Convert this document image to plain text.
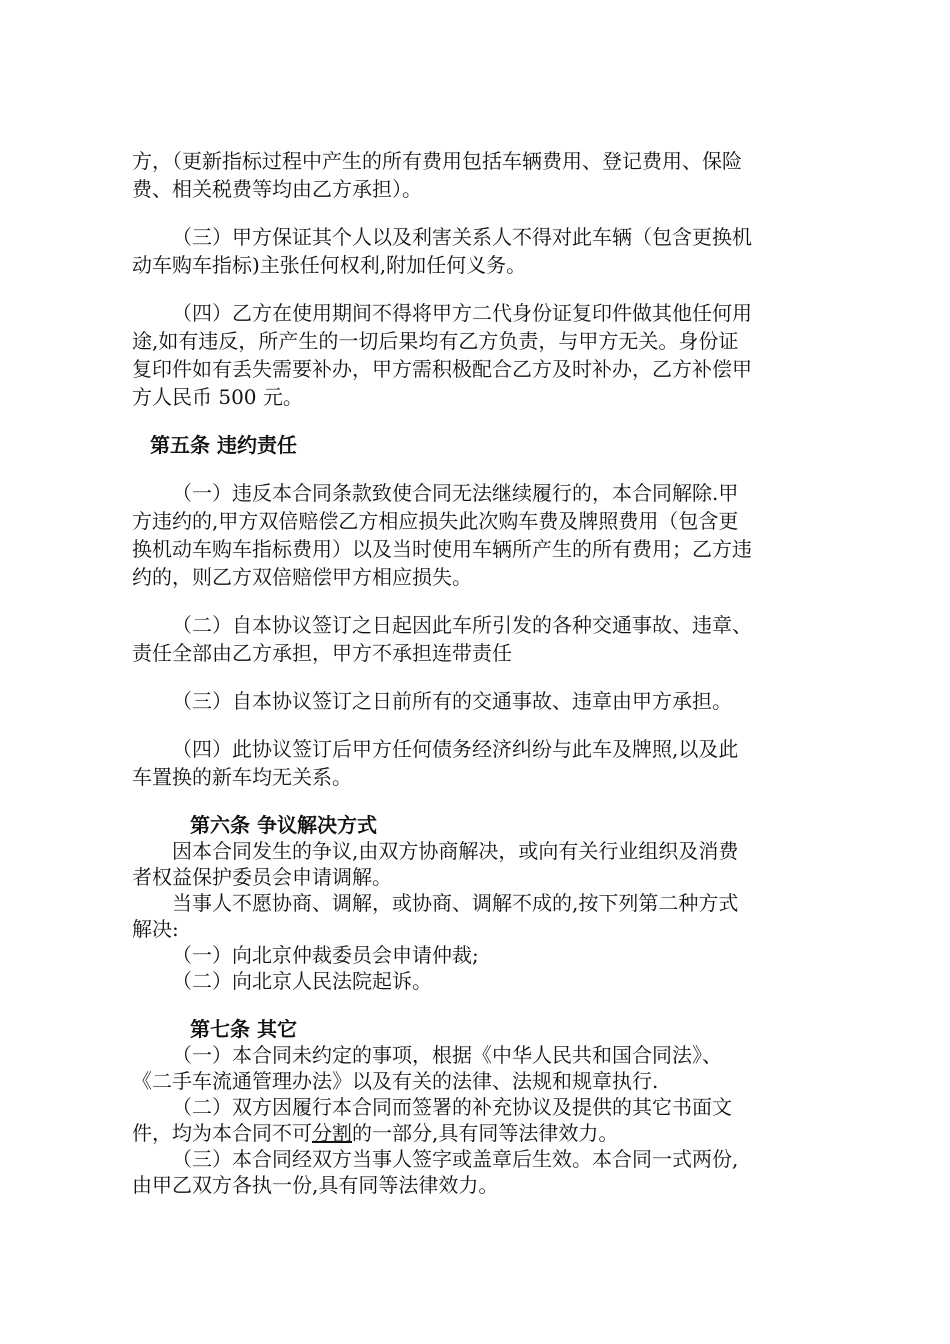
方，（更新指标过程中产生的所有费用包括车辆费用、登记费用、保险
费、相关税费等均由乙方承担）。
（三）甲方保证其个人以及利害关系人不得对此车辆（包含更换机
动车购车指标)主张任何权利,附加任何义务。
（四）乙方在使用期间不得将甲方二代身份证复印件做其他任何用
途,如有违反，所产生的一切后果均有乙方负责，与甲方无关。身份证
复印件如有丢失需要补办，甲方需积极配合乙方及时补办，乙方补偿甲
方人民币 500 元。
第五条 违约责任
（一）违反本合同条款致使合同无法继续履行的，本合同解除.甲
方违约的,甲方双倍赔偿乙方相应损失此次购车费及牌照费用（包含更
换机动车购车指标费用）以及当时使用车辆所产生的所有费用；乙方违
约的，则乙方双倍赔偿甲方相应损失。
（二）自本协议签订之日起因此车所引发的各种交通事故、违章、
责任全部由乙方承担，甲方不承担连带责任
（三）自本协议签订之日前所有的交通事故、违章由甲方承担。
（四）此协议签订后甲方任何债务经济纠纷与此车及牌照,以及此
车置换的新车均无关系。
第六条 争议解决方式
因本合同发生的争议,由双方协商解决，或向有关行业组织及消费
者权益保护委员会申请调解。
当事人不愿协商、调解，或协商、调解不成的,按下列第二种方式
解决:
（一）向北京仲裁委员会申请仲裁;
（二）向北京人民法院起诉。
第七条 其它
（一）本合同未约定的事项，根据《中华人民共和国合同法》、
《二手车流通管理办法》以及有关的法律、法规和规章执行.
（二）双方因履行本合同而签署的补充协议及提供的其它书面文
件，均为本合同不可分割的一部分,具有同等法律效力。
（三）本合同经双方当事人签字或盖章后生效。本合同一式两份,
由甲乙双方各执一份,具有同等法律效力。
